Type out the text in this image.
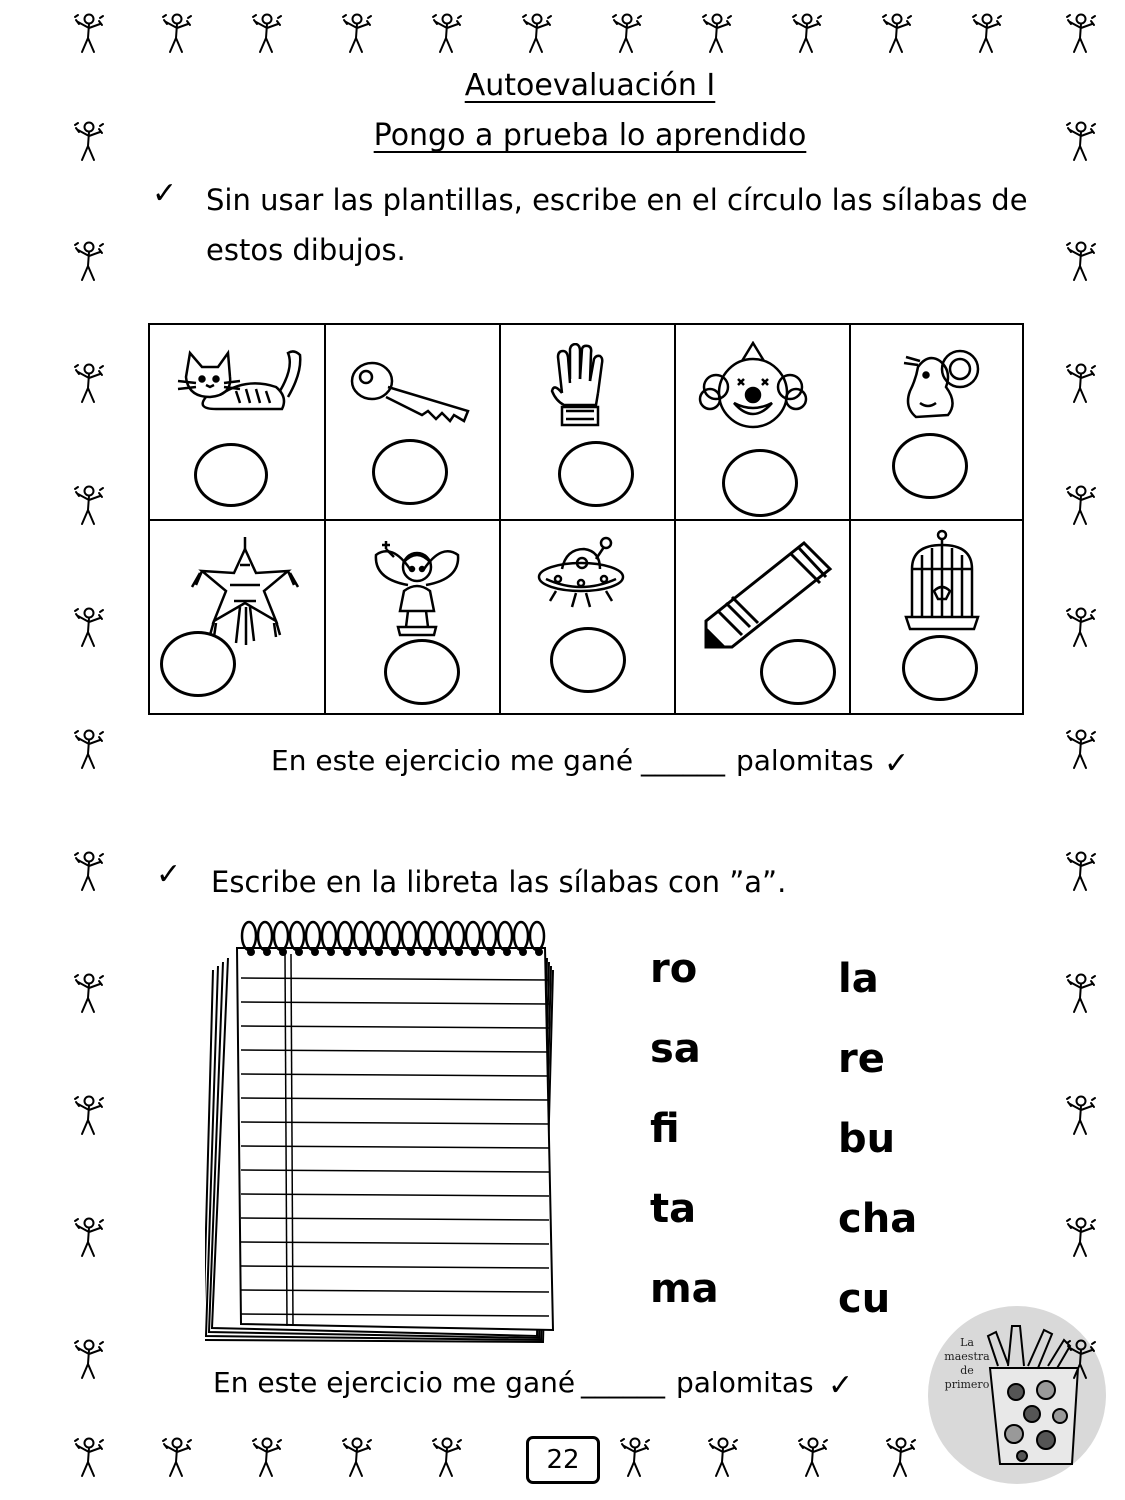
Autoevaluación I
Pongo a prueba lo aprendido
✓ Sin usar las plantillas, escribe en el círculo las sílabas de
estos dibujos.
En este ejercicio me gané ______ palomitas ✓
✓ Escribe en la libreta las sílabas con ”a”.
ro
sa
fi
ta
ma
la
re
bu
cha
cu
En este ejercicio me gané ______ palomitas ✓
22
La maestra de primero
